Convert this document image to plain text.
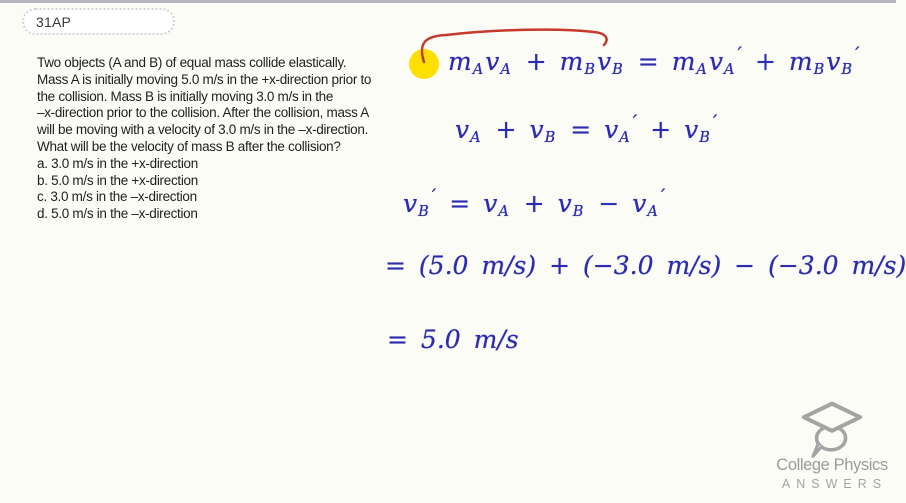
31AP
Two objects (A and B) of equal mass collide elastically.
Mass A is initially moving 5.0 m/s in the +x-direction prior to
the collision. Mass B is initially moving 3.0 m/s in the
–x-direction prior to the collision. After the collision, mass A
will be moving with a velocity of 3.0 m/s in the –x-direction.
What will be the velocity of mass B after the collision?
a. 3.0 m/s in the +x-direction
b. 5.0 m/s in the +x-direction
c. 3.0 m/s in the –x-direction
d. 5.0 m/s in the –x-direction
$m_Av_A + m_Bv_B = m_Av_A' + m_Bv_B'$
$v_A + v_B = v_A' + v_B'$
$v_B' = v_A + v_B - v_A'$
= (5.0 m/s) + (−3.0 m/s) − (−3.0 m/s)
= 5.0 m/s
College Physics
ANSWERS
